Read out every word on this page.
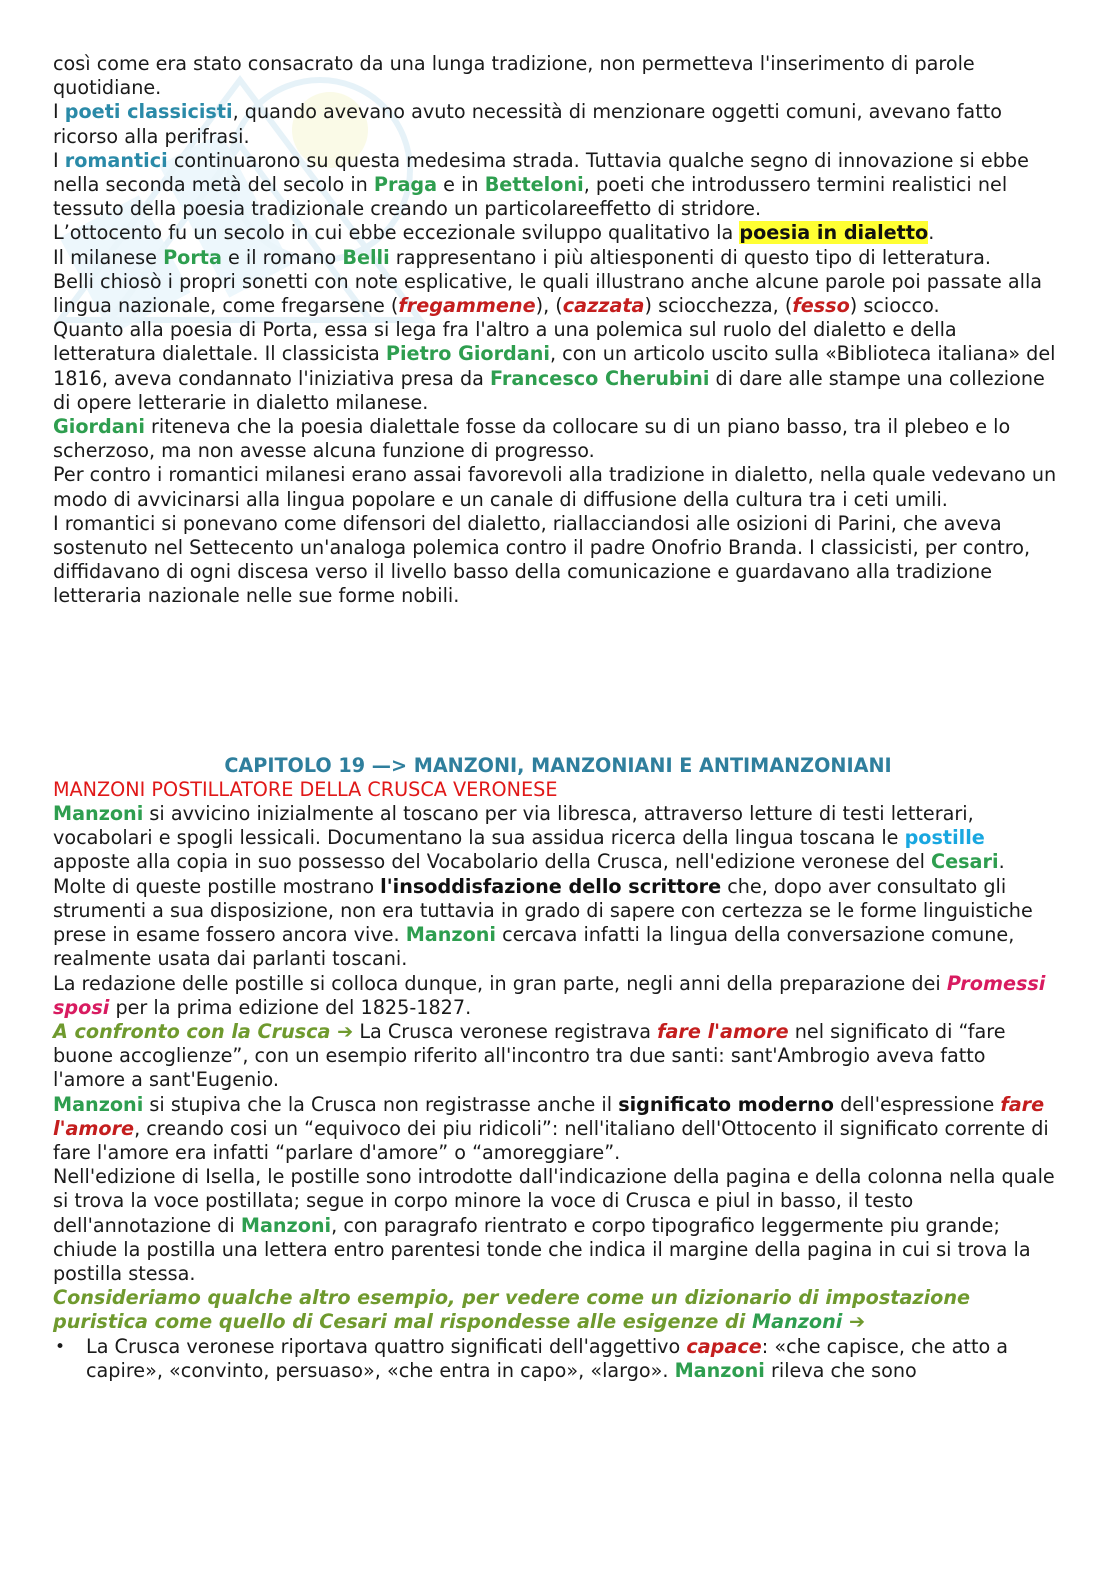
così come era stato consacrato da una lunga tradizione, non permetteva l'inserimento di parole quotidiane.

I poeti classicisti, quando avevano avuto necessità di menzionare oggetti comuni, avevano fatto ricorso alla perifrasi.

I romantici continuarono su questa medesima strada. Tuttavia qualche segno di innovazione si ebbe nella seconda metà del secolo in Praga e in Betteloni, poeti che introdussero termini realistici nel tessuto della poesia tradizionale creando un particolareeffetto di stridore.

L’ottocento fu un secolo in cui ebbe eccezionale sviluppo qualitativo la poesia in dialetto.

Il milanese Porta e il romano Belli rappresentano i più altiesponenti di questo tipo di letteratura.

Belli chiosò i propri sonetti con note esplicative, le quali illustrano anche alcune parole poi passate alla lingua nazionale, come fregarsene (fregammene), (cazzata) sciocchezza, (fesso) sciocco.

Quanto alla poesia di Porta, essa si lega fra l'altro a una polemica sul ruolo del dialetto e della letteratura dialettale. Il classicista Pietro Giordani, con un articolo uscito sulla «Biblioteca italiana» del 1816, aveva condannato l'iniziativa presa da Francesco Cherubini di dare alle stampe una collezione di opere letterarie in dialetto milanese.

Giordani riteneva che la poesia dialettale fosse da collocare su di un piano basso, tra il plebeo e lo scherzoso, ma non avesse alcuna funzione di progresso.

Per contro i romantici milanesi erano assai favorevoli alla tradizione in dialetto, nella quale vedevano un modo di avvicinarsi alla lingua popolare e un canale di diffusione della cultura tra i ceti umili.

I romantici si ponevano come difensori del dialetto, riallacciandosi alle osizioni di Parini, che aveva sostenuto nel Settecento un'analoga polemica contro il padre Onofrio Branda. I classicisti, per contro, diffidavano di ogni discesa verso il livello basso della comunicazione e guardavano alla tradizione letteraria nazionale nelle sue forme nobili.

CAPITOLO 19 —> MANZONI, MANZONIANI E ANTIMANZONIANI

MANZONI POSTILLATORE DELLA CRUSCA VERONESE

Manzoni si avvicino inizialmente al toscano per via libresca, attraverso letture di testi letterari, vocabolari e spogli lessicali. Documentano la sua assidua ricerca della lingua toscana le postille apposte alla copia in suo possesso del Vocabolario della Crusca, nell'edizione veronese del Cesari.

Molte di queste postille mostrano l'insoddisfazione dello scrittore che, dopo aver consultato gli strumenti a sua disposizione, non era tuttavia in grado di sapere con certezza se le forme linguistiche prese in esame fossero ancora vive. Manzoni cercava infatti la lingua della conversazione comune, realmente usata dai parlanti toscani.

La redazione delle postille si colloca dunque, in gran parte, negli anni della preparazione dei Promessi sposi per la prima edizione del 1825-1827.

A confronto con la Crusca ➔ La Crusca veronese registrava fare l'amore nel significato di “fare buone accoglienze”, con un esempio riferito all'incontro tra due santi: sant'Ambrogio aveva fatto l'amore a sant'Eugenio.

Manzoni si stupiva che la Crusca non registrasse anche il significato moderno dell'espressione fare l'amore, creando cosi un “equivoco dei piu ridicoli”: nell'italiano dell'Ottocento il significato corrente di fare l'amore era infatti “parlare d'amore” o “amoreggiare”.

Nell'edizione di Isella, le postille sono introdotte dall'indicazione della pagina e della colonna nella quale si trova la voce postillata; segue in corpo minore la voce di Crusca e piul in basso, il testo dell'annotazione di Manzoni, con paragrafo rientrato e corpo tipografico leggermente piu grande; chiude la postilla una lettera entro parentesi tonde che indica il margine della pagina in cui si trova la postilla stessa.

Consideriamo qualche altro esempio, per vedere come un dizionario di impostazione puristica come quello di Cesari mal rispondesse alle esigenze di Manzoni ➔

• La Crusca veronese riportava quattro significati dell'aggettivo capace: «che capisce, che atto a capire», «convinto, persuaso», «che entra in capo», «largo». Manzoni rileva che sono
